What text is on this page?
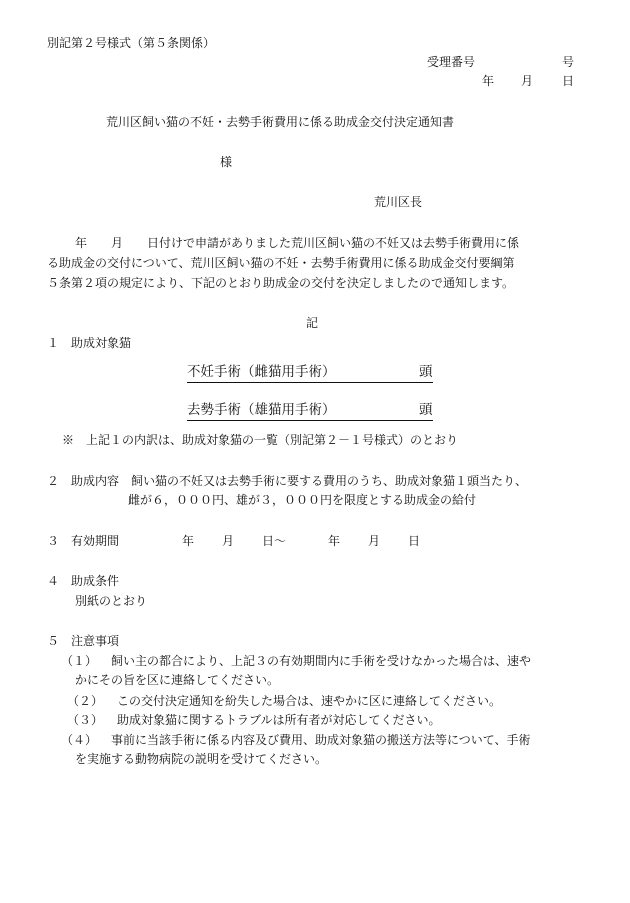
別記第２号様式（第５条関係）
受理番号	号
年 月 日
荒川区飼い猫の不妊・去勢手術費用に係る助成金交付決定通知書
様
荒川区長
年　　月　　日付けで申請がありました荒川区飼い猫の不妊又は去勢手術費用に係
る助成金の交付について、荒川区飼い猫の不妊・去勢手術費用に係る助成金交付要綱第
５条第２項の規定により、下記のとおり助成金の交付を決定しましたので通知します。
記
１　助成対象猫
不妊手術（雌猫用手術）	頭
去勢手術（雄猫用手術）	頭
※　上記１の内訳は、助成対象猫の一覧（別記第２－１号様式）のとおり
２　助成内容　飼い猫の不妊又は去勢手術に要する費用のうち、助成対象猫１頭当たり、
雌が６，０００円、雄が３，０００円を限度とする助成金の給付
３　有効期間	年 月 日～	年 月 日
４　助成条件
別紙のとおり
５　注意事項
（１） 飼い主の都合により、上記３の有効期間内に手術を受けなかった場合は、速や
かにその旨を区に連絡してください。
（２） この交付決定通知を紛失した場合は、速やかに区に連絡してください。
（３） 助成対象猫に関するトラブルは所有者が対応してください。
（４） 事前に当該手術に係る内容及び費用、助成対象猫の搬送方法等について、手術
を実施する動物病院の説明を受けてください。
